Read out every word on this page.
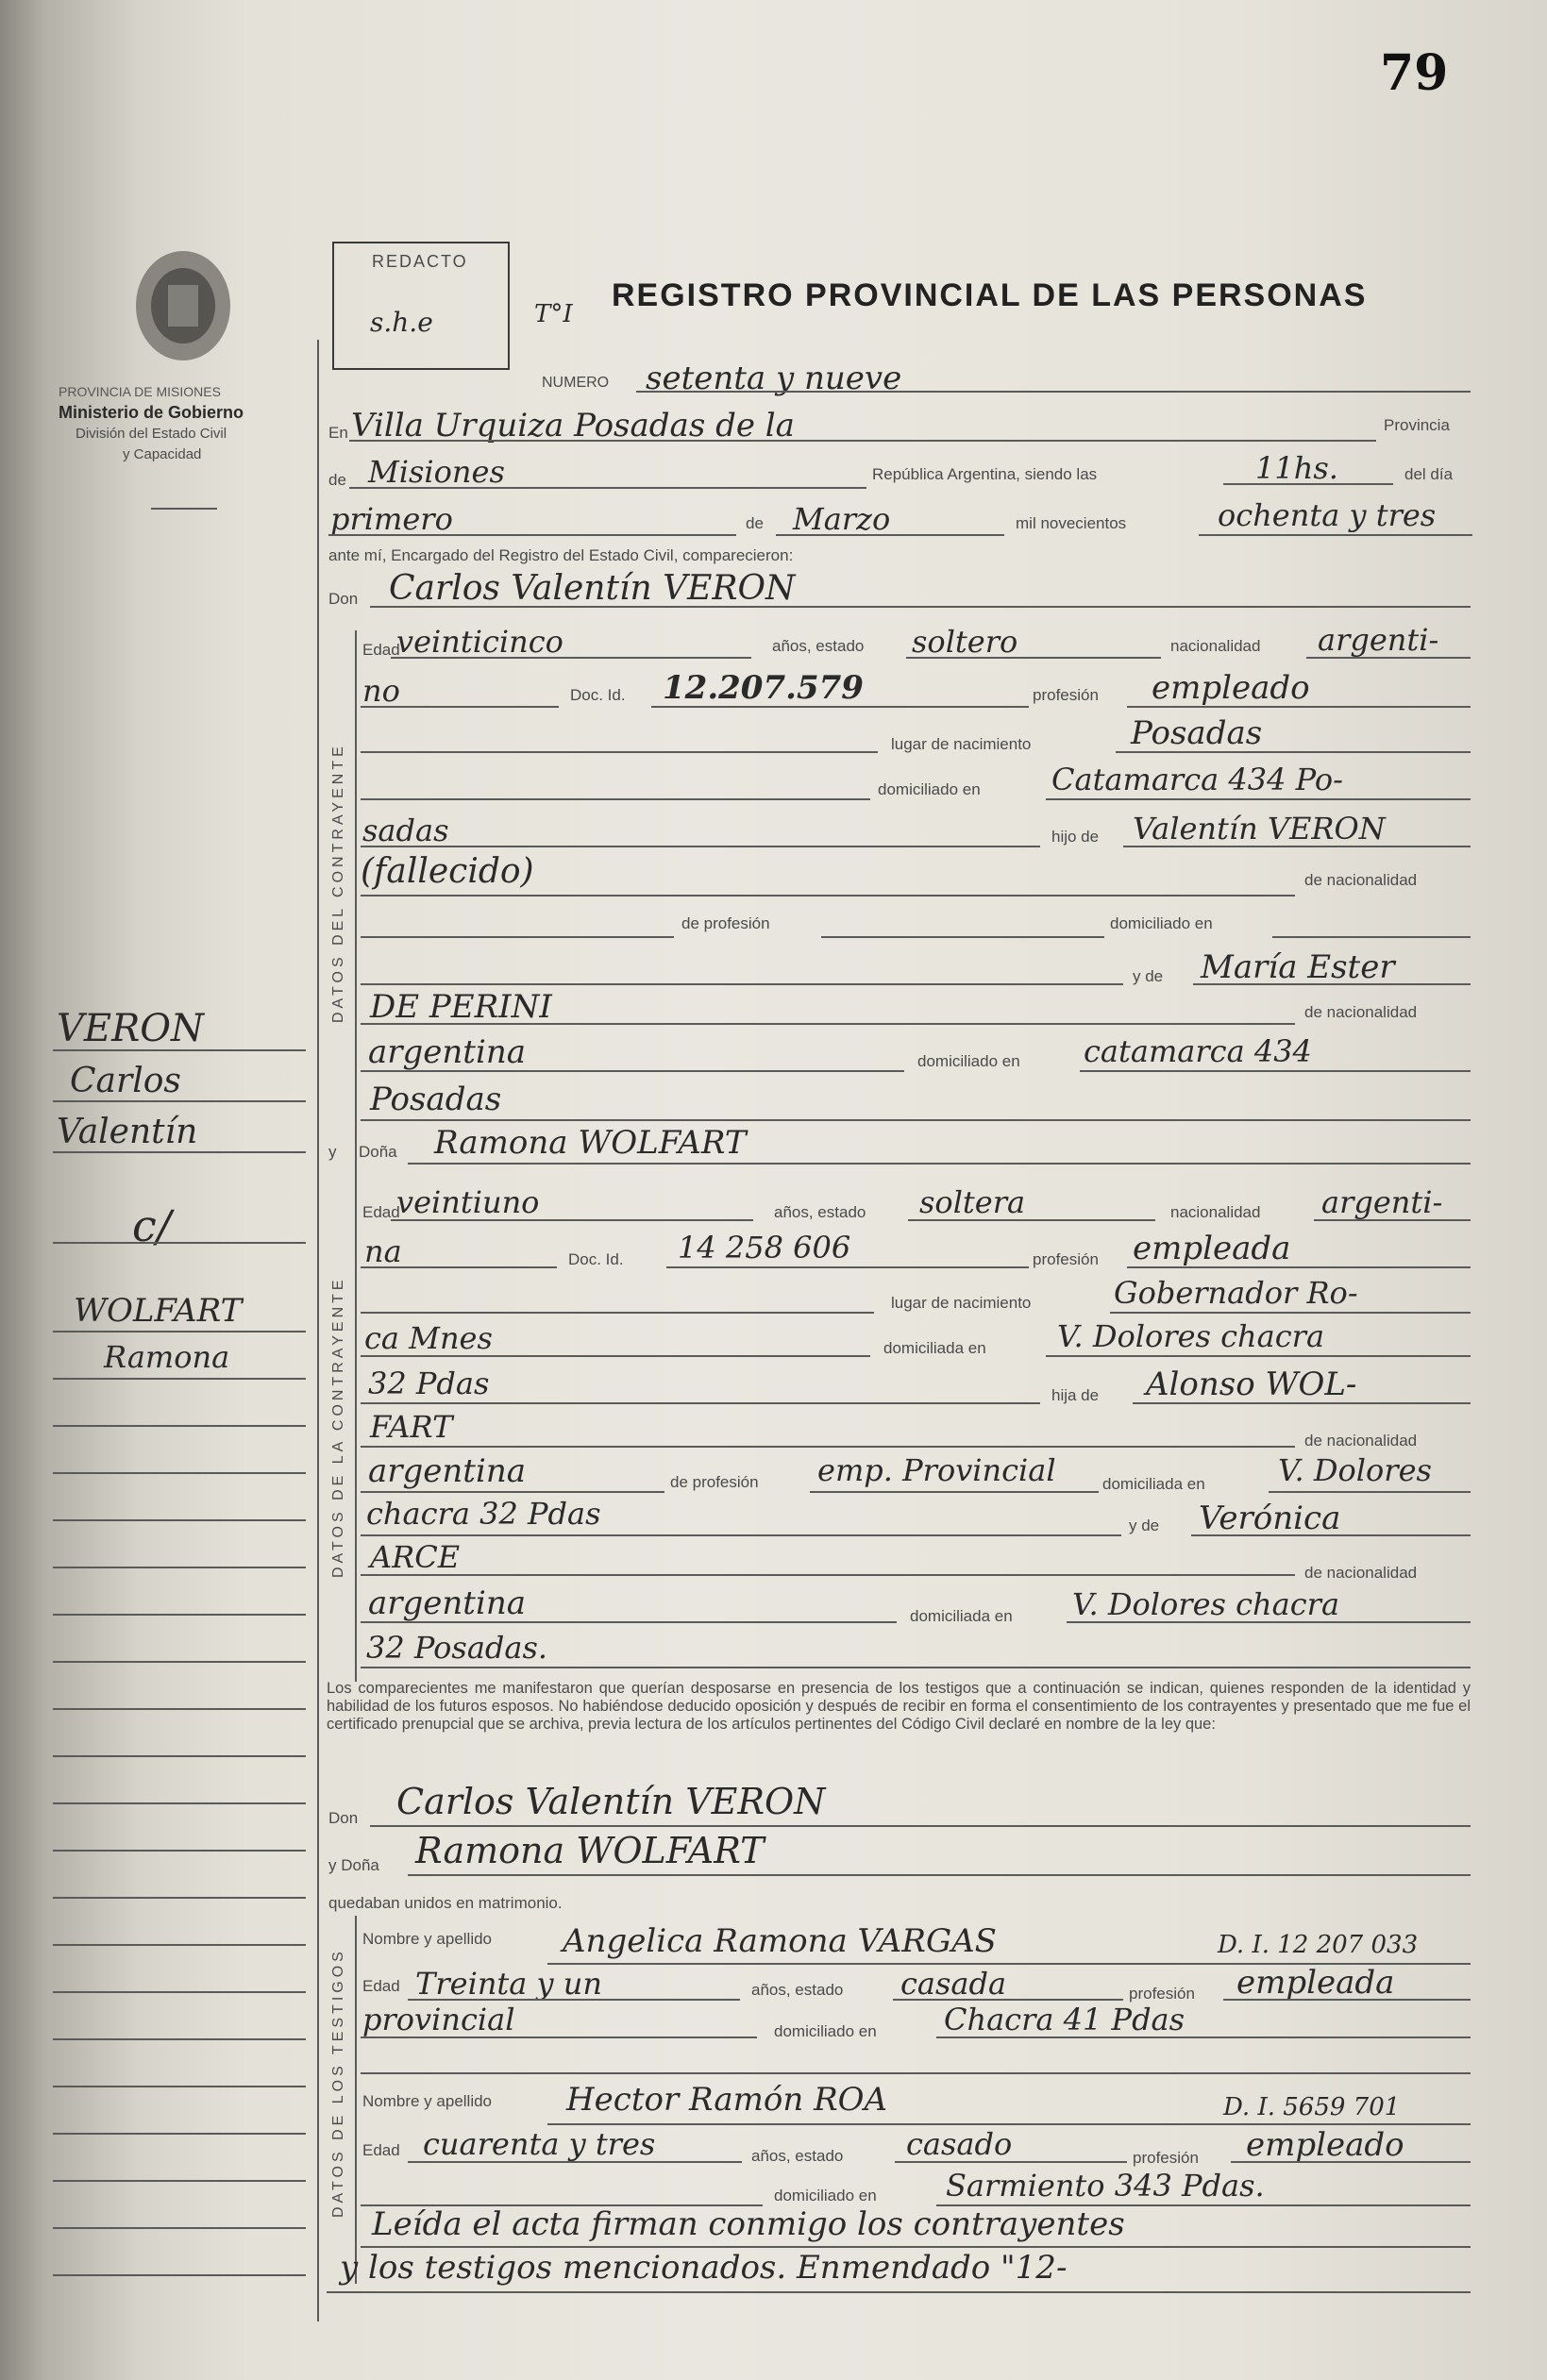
79
PROVINCIA DE MISIONES
Ministerio de Gobierno
División del Estado Civil
y Capacidad
REDACTO
s.h.e	T°I
REGISTRO PROVINCIAL DE LAS PERSONAS
VERON
Carlos
Valentín
c/
WOLFART
Ramona
NUMERO setenta y nueve
En Villa Urquiza Posadas de la	Provincia
de Misiones	República Argentina, siendo las	11hs.	del día
primero	de Marzo	mil novecientos	ochenta y tres
ante mí, Encargado del Registro del Estado Civil, comparecieron:
Don Carlos Valentín VERON
DATOS DEL CONTRAYENTE
Edad
veinticinco	años, estado soltero	nacionalidad argenti-
no	Doc. Id. 12.207.579	profesión empleado
lugar de nacimiento	Posadas
domiciliado en Catamarca 434 Po-
sadas	hijo de Valentín VERON
(fallecido)	de nacionalidad
de profesión	domiciliado en
y de María Ester
DE PERINI	de nacionalidad
argentina	domiciliado en catamarca 434
Posadas
y Doña Ramona WOLFART
DATOS DE LA CONTRAYENTE
Edad
veintiuno	años, estado soltera	nacionalidad argenti-
na	Doc. Id. 14 258 606	profesión empleada
lugar de nacimiento	Gobernador Ro-
ca Mnes	domiciliada en V. Dolores chacra
32 Pdas	hija de Alonso WOL-
FART	de nacionalidad
argentina	de profesión emp. Provincial	domiciliada en V. Dolores
chacra 32 Pdas	y de Verónica
ARCE	de nacionalidad
argentina	domiciliada en V. Dolores chacra
32 Posadas.
Los comparecientes me manifestaron que querían desposarse en presencia de los testigos que a continuación se indican, quienes responden de la identidad y habilidad de los futuros esposos. No habiéndose deducido oposición y después de recibir en forma el consentimiento de los contrayentes y presentado que me fue el certificado prenupcial que se archiva, previa lectura de los artículos pertinentes del Código Civil declaré en nombre de la ley que:
Don Carlos Valentín VERON
y Doña Ramona WOLFART
quedaban unidos en matrimonio.
DATOS DE LOS TESTIGOS
Nombre y apellido Angelica Ramona VARGAS	D. I. 12 207 033
Edad Treinta y un	años, estado casada	profesión empleada
provincial	domiciliado en Chacra 41 Pdas
Nombre y apellido Hector Ramón ROA	D. I. 5659 701
Edad cuarenta y tres	años, estado casado	profesión empleado
domiciliado en Sarmiento 343 Pdas.
Leída el acta firman conmigo los contrayentes
y los testigos mencionados. Enmendado "12-
